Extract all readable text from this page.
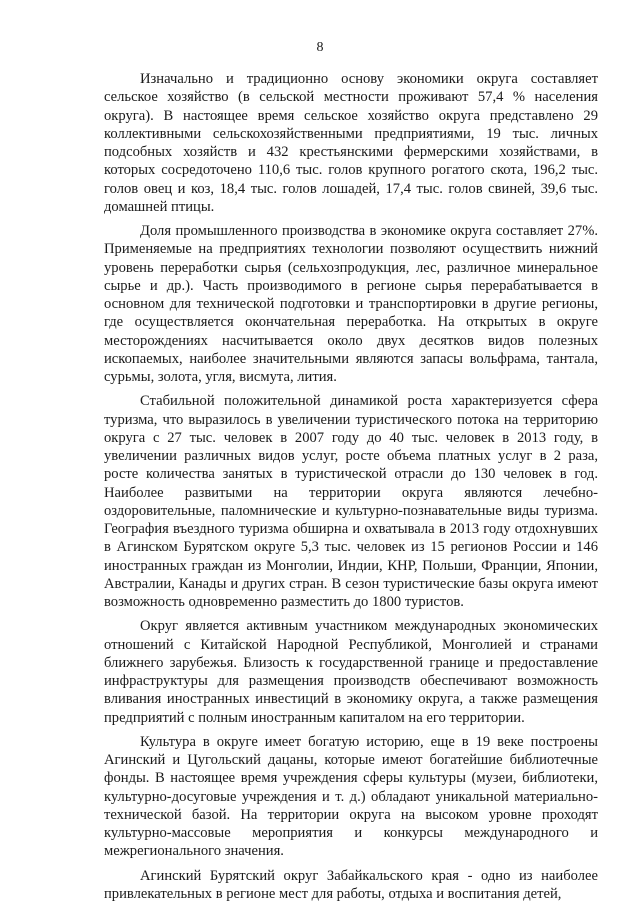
8

Изначально и традиционно основу экономики округа составляет сельское хозяйство (в сельской местности проживают 57,4 % населения округа). В настоящее время сельское хозяйство округа представлено 29 коллективными сельскохозяйственными предприятиями, 19 тыс. личных подсобных хозяйств и 432 крестьянскими фермерскими хозяйствами, в которых сосредоточено 110,6 тыс. голов крупного рогатого скота, 196,2 тыс. голов овец и коз, 18,4 тыс. голов лошадей, 17,4 тыс. голов свиней, 39,6 тыс. домашней птицы.

Доля промышленного производства в экономике округа составляет 27%. Применяемые на предприятиях технологии позволяют осуществить нижний уровень переработки сырья (сельхозпродукция, лес, различное минеральное сырье и др.). Часть производимого в регионе сырья перерабатывается в основном для технической подготовки и транспортировки в другие регионы, где осуществляется окончательная переработка. На открытых в округе месторождениях насчитывается около двух десятков видов полезных ископаемых, наиболее значительными являются запасы вольфрама, тантала, сурьмы, золота, угля, висмута, лития.

Стабильной положительной динамикой роста характеризуется сфера туризма, что выразилось в увеличении туристического потока на территорию округа с 27 тыс. человек в 2007 году до 40 тыс. человек в 2013 году, в увеличении различных видов услуг, росте объема платных услуг в 2 раза, росте количества занятых в туристической отрасли до 130 человек в год. Наиболее развитыми на территории округа являются лечебно-оздоровительные, паломнические и культурно-познавательные виды туризма. География въездного туризма обширна и охватывала в 2013 году отдохнувших в Агинском Бурятском округе 5,3 тыс. человек из 15 регионов России и 146 иностранных граждан из Монголии, Индии, КНР, Польши, Франции, Японии, Австралии, Канады и других стран. В сезон туристические базы округа имеют возможность одновременно разместить до 1800 туристов.

Округ является активным участником международных экономических отношений с Китайской Народной Республикой, Монголией и странами ближнего зарубежья. Близость к государственной границе и предоставление инфраструктуры для размещения производств обеспечивают возможность вливания иностранных инвестиций в экономику округа, а также размещения предприятий с полным иностранным капиталом на его территории.

Культура в округе имеет богатую историю, еще в 19 веке построены Агинский и Цугольский дацаны, которые имеют богатейшие библиотечные фонды. В настоящее время учреждения сферы культуры (музеи, библиотеки, культурно-досуговые учреждения и т. д.) обладают уникальной материально-технической базой. На территории округа на высоком уровне проходят культурно-массовые мероприятия и конкурсы международного и межрегионального значения.

Агинский Бурятский округ Забайкальского края - одно из наиболее привлекательных в регионе мест для работы, отдыха и воспитания детей,
